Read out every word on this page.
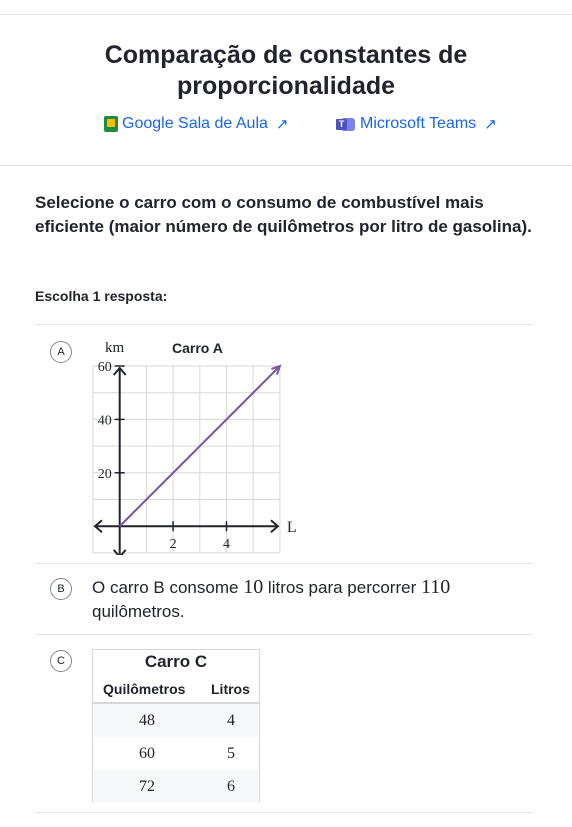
Comparação de constantes de
proporcionalidade
Google Sala de Aula ↗ T	Microsoft Teams ↗
Selecione o carro com o consumo de combustível mais eficiente (maior número de quilômetros por litro de gasolina).
Escolha 1 resposta:
A	km	Carro A
L
20
40
60
2	4
B	O carro B consome 10 litros para percorrer 110 quilômetros.
C	Carro C
Quilômetros Litros
48	4
60	5
72	6
